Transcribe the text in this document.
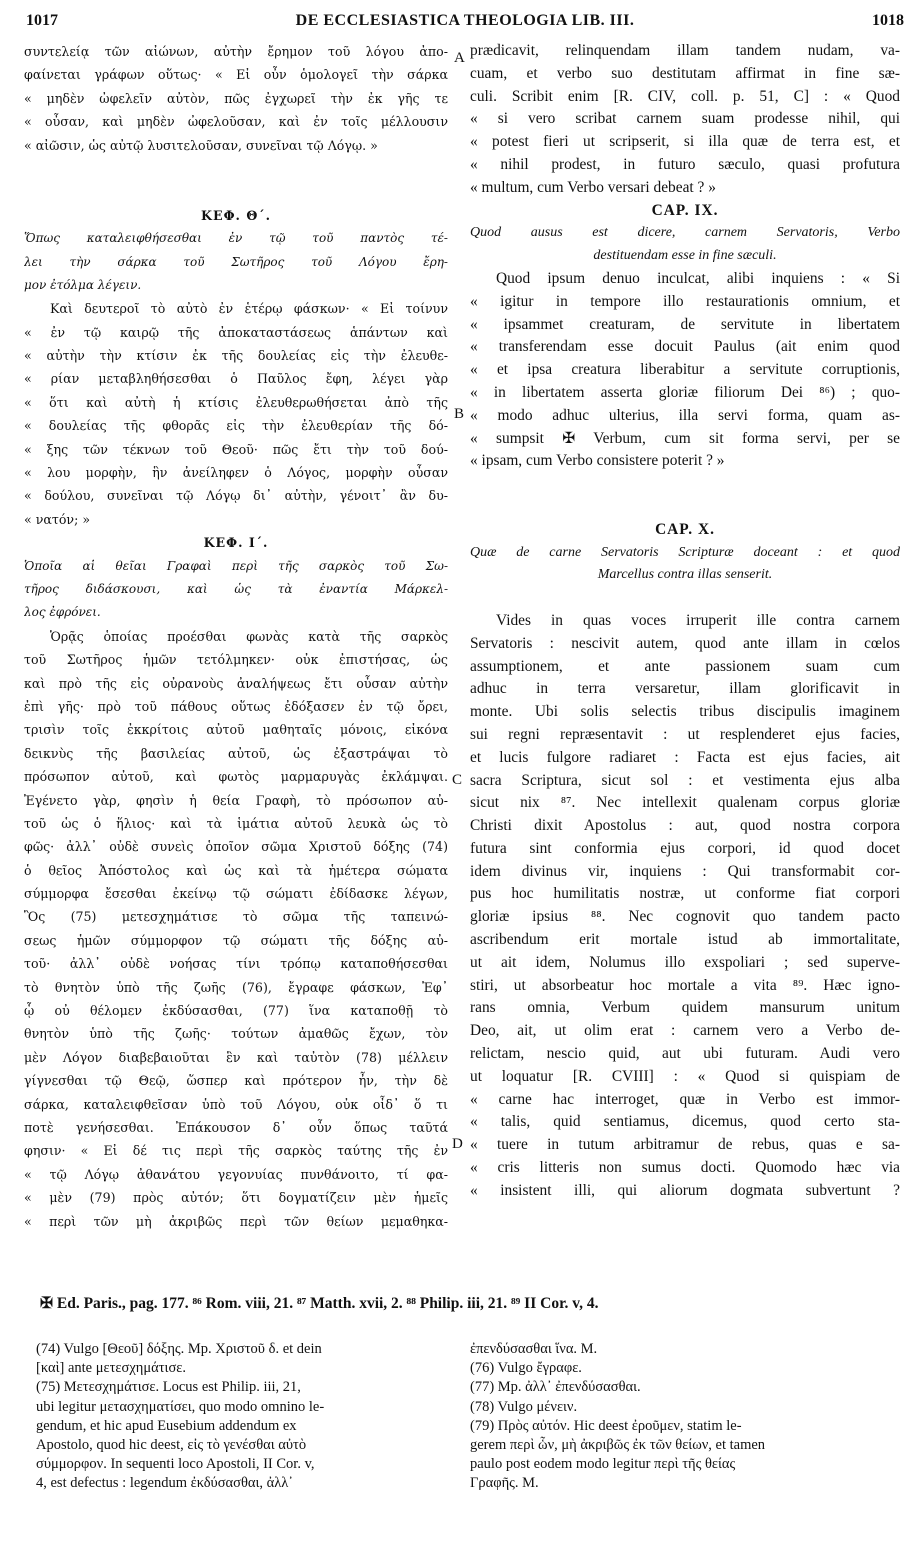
1017	DE ECCLESIASTICA THEOLOGIA LIB. III.	1018
συντελείᾳ τῶν αἰώνων, αὐτὴν ἔρημον τοῦ λόγου ἀπο-
φαίνεται γράφων οὕτως· « Εἰ οὖν ὁμολογεῖ τὴν σάρκα
« μηδὲν ὠφελεῖν αὐτὸν, πῶς ἐγχωρεῖ τὴν ἐκ γῆς τε
« οὖσαν, καὶ μηδὲν ὠφελοῦσαν, καὶ ἐν τοῖς μέλλουσιν
« αἰῶσιν, ὡς αὐτῷ λυσιτελοῦσαν, συνεῖναι τῷ Λόγῳ. »
ΚΕΦ. Θ΄.
Ὅπως καταλειφθήσεσθαι ἐν τῷ τοῦ παντὸς τέ-
λει τὴν σάρκα τοῦ Σωτῆρος τοῦ Λόγου ἔρη-
μον ἐτόλμα λέγειν.
Καὶ δευτεροῖ τὸ αὐτὸ ἐν ἑτέρῳ φάσκων· « Εἰ τοίνυν
« ἐν τῷ καιρῷ τῆς ἀποκαταστάσεως ἁπάντων καὶ
« αὐτὴν τὴν κτίσιν ἐκ τῆς δουλείας εἰς τὴν ἐλευθε-
« ρίαν μεταβληθήσεσθαι ὁ Παῦλος ἔφη, λέγει γὰρ
« ὅτι καὶ αὐτὴ ἡ κτίσις ἐλευθερωθήσεται ἀπὸ τῆς
« δουλείας τῆς φθορᾶς εἰς τὴν ἐλευθερίαν τῆς δό-
« ξης τῶν τέκνων τοῦ Θεοῦ· πῶς ἔτι τὴν τοῦ δού-
« λου μορφὴν, ἣν ἀνείληφεν ὁ Λόγος, μορφὴν οὖσαν
« δούλου, συνεῖναι τῷ Λόγῳ δι᾽ αὐτὴν, γένοιτ᾽ ἂν δυ-
« νατόν; »
ΚΕΦ. Ι΄.
Ὁποῖα αἱ θεῖαι Γραφαὶ περὶ τῆς σαρκὸς τοῦ Σω-
τῆρος διδάσκουσι, καὶ ὡς τὰ ἐναντία Μάρκελ-
λος ἐφρόνει.
Ὁρᾷς ὁποίας προέσθαι φωνὰς κατὰ τῆς σαρκὸς
τοῦ Σωτῆρος ἡμῶν τετόλμηκεν· οὐκ ἐπιστήσας, ὡς
καὶ πρὸ τῆς εἰς οὐρανοὺς ἀναλήψεως ἔτι οὖσαν αὐτὴν
ἐπὶ γῆς· πρὸ τοῦ πάθους οὕτως ἐδόξασεν ἐν τῷ ὄρει,
τρισὶν τοῖς ἐκκρίτοις αὐτοῦ μαθηταῖς μόνοις, εἰκόνα
δεικνὺς τῆς βασιλείας αὐτοῦ, ὡς ἐξαστράψαι τὸ
πρόσωπον αὐτοῦ, καὶ φωτὸς μαρμαρυγὰς ἐκλάμψαι.
Ἐγένετο γὰρ, φησὶν ἡ θεία Γραφὴ, τὸ πρόσωπον αὐ-
τοῦ ὡς ὁ ἥλιος· καὶ τὰ ἱμάτια αὐτοῦ λευκὰ ὡς τὸ
φῶς· ἀλλ᾽ οὐδὲ συνεὶς ὁποῖον σῶμα Χριστοῦ δόξης (74)
ὁ θεῖος Ἀπόστολος καὶ ὡς καὶ τὰ ἡμέτερα σώματα
σύμμορφα ἔσεσθαι ἐκείνῳ τῷ σώματι ἐδίδασκε λέγων,
Ὃς (75) μετεσχημάτισε τὸ σῶμα τῆς ταπεινώ-
σεως ἡμῶν σύμμορφον τῷ σώματι τῆς δόξης αὐ-
τοῦ· ἀλλ᾽ οὐδὲ νοήσας τίνι τρόπῳ καταποθήσεσθαι
τὸ θνητὸν ὑπὸ τῆς ζωῆς (76), ἔγραφε φάσκων, Ἐφ᾽
ᾧ οὐ θέλομεν ἐκδύσασθαι, (77) ἵνα καταποθῇ τὸ
θνητὸν ὑπὸ τῆς ζωῆς· τούτων ἀμαθῶς ἔχων, τὸν
μὲν Λόγον διαβεβαιοῦται ἓν καὶ ταὐτὸν (78) μέλλειν
γίγνεσθαι τῷ Θεῷ, ὥσπερ καὶ πρότερον ἦν, τὴν δὲ
σάρκα, καταλειφθεῖσαν ὑπὸ τοῦ Λόγου, οὐκ οἶδ᾽ ὅ τι
ποτὲ γενήσεσθαι. Ἐπάκουσον δ᾽ οὖν ὅπως ταῦτά
φησιν· « Εἰ δέ τις περὶ τῆς σαρκὸς ταύτης τῆς ἐν
« τῷ Λόγῳ ἀθανάτου γεγονυίας πυνθάνοιτο, τί φα-
« μὲν (79) πρὸς αὐτόν; ὅτι δογματίζειν μὲν ἡμεῖς
« περὶ τῶν μὴ ἀκριβῶς περὶ τῶν θείων μεμαθηκα-
prædicavit, relinquendam illam tandem nudam, va-
cuam, et verbo suo destitutam affirmat in fine sæ-
culi. Scribit enim [R. CIV, coll. p. 51, C] : « Quod
« si vero scribat carnem suam prodesse nihil, qui
« potest fieri ut scripserit, si illa quæ de terra est, et
« nihil prodest, in futuro sæculo, quasi profutura
« multum, cum Verbo versari debeat ? »
CAP. IX.
Quod ausus est dicere, carnem Servatoris, Verbo
destituendam esse in fine sæculi.
Quod ipsum denuo inculcat, alibi inquiens : « Si
« igitur in tempore illo restaurationis omnium, et
« ipsammet creaturam, de servitute in libertatem
« transferendam esse docuit Paulus (ait enim quod
« et ipsa creatura liberabitur a servitute corruptionis,
« in libertatem asserta gloriæ filiorum Dei ⁸⁶) ; quo-
« modo adhuc ulterius, illa servi forma, quam as-
« sumpsit ✠ Verbum, cum sit forma servi, per se
« ipsam, cum Verbo consistere poterit ? »
CAP. X.
Quæ de carne Servatoris Scripturæ doceant : et quod
Marcellus contra illas senserit.
Vides in quas voces irruperit ille contra carnem
Servatoris : nescivit autem, quod ante illam in cœlos
assumptionem, et ante passionem suam cum
adhuc in terra versaretur, illam glorificavit in
monte. Ubi solis selectis tribus discipulis imaginem
sui regni repræsentavit : ut resplenderet ejus facies,
et lucis fulgore radiaret : Facta est ejus facies, ait
sacra Scriptura, sicut sol : et vestimenta ejus alba
sicut nix ⁸⁷. Nec intellexit qualenam corpus gloriæ
Christi dixit Apostolus : aut, quod nostra corpora
futura sint conformia ejus corpori, id quod docet
idem divinus vir, inquiens : Qui transformabit cor-
pus hoc humilitatis nostræ, ut conforme fiat corpori
gloriæ ipsius ⁸⁸. Nec cognovit quo tandem pacto
ascribendum erit mortale istud ab immortalitate,
ut ait idem, Nolumus illo exspoliari ; sed superve-
stiri, ut absorbeatur hoc mortale a vita ⁸⁹. Hæc igno-
rans omnia, Verbum quidem mansurum unitum
Deo, ait, ut olim erat : carnem vero a Verbo de-
relictam, nescio quid, aut ubi futuram. Audi vero
ut loquatur [R. CVIII] : « Quod si quispiam de
« carne hac interroget, quæ in Verbo est immor-
« talis, quid sentiamus, dicemus, quod certo sta-
« tuere in tutum arbitramur de rebus, quas e sa-
« cris litteris non sumus docti. Quomodo hæc via
« insistent illi, qui aliorum dogmata subvertunt ?
A
B
C
D
✠ Ed. Paris., pag. 177. ⁸⁶ Rom. viii, 21. ⁸⁷ Matth. xvii, 2. ⁸⁸ Philip. iii, 21. ⁸⁹ II Cor. v, 4.
(74) Vulgo [Θεοῦ] δόξης. Mp. Χριστοῦ δ. et dein
[καὶ] ante μετεσχημάτισε.
(75) Μετεσχημάτισε. Locus est Philip. iii, 21,
ubi legitur μετασχηματίσει, quo modo omnino le-
gendum, et hic apud Eusebium addendum ex
Apostolo, quod hic deest, εἰς τὸ γενέσθαι αὐτὸ
σύμμορφον. In sequenti loco Apostoli, II Cor. v,
4, est defectus : legendum ἐκδύσασθαι, ἀλλ᾽
ἐπενδύσασθαι ἵνα. M.
(76) Vulgo ἔγραφε.
(77) Mp. ἀλλ᾽ ἐπενδύσασθαι.
(78) Vulgo μένειν.
(79) Πρὸς αὐτόν. Hic deest ἐροῦμεν, statim le-
gerem περὶ ὧν, μὴ ἀκριβῶς ἐκ τῶν θείων, et tamen
paulo post eodem modo legitur περὶ τῆς θείας
Γραφῆς. M.
